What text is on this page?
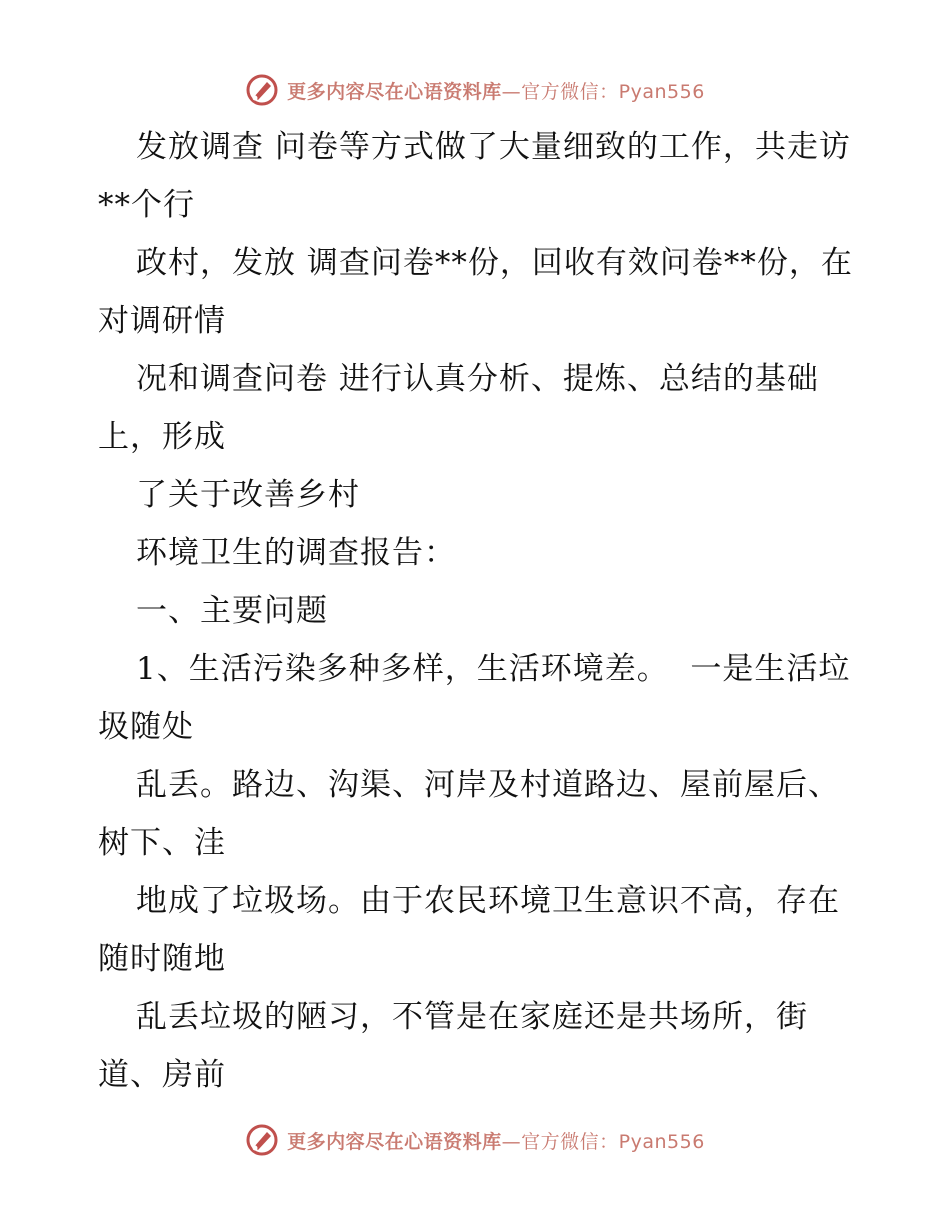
更多内容尽在心语资料库—官方微信：Pyan556

发放调查 问卷等方式做了大量细致的工作，共走访**个行

政村，发放 调查问卷**份，回收有效问卷**份，在对调研情

况和调查问卷 进行认真分析、提炼、总结的基础上，形成

了关于改善乡村

环境卫生的调查报告：

一、主要问题

1、生活污染多种多样，生活环境差。  一是生活垃圾随处

乱丢。路边、沟渠、河岸及村道路边、屋前屋后、树下、洼

地成了垃圾场。由于农民环境卫生意识不高，存在随时随地

乱丢垃圾的陋习，不管是在家庭还是共场所，街道、房前

更多内容尽在心语资料库—官方微信：Pyan556
